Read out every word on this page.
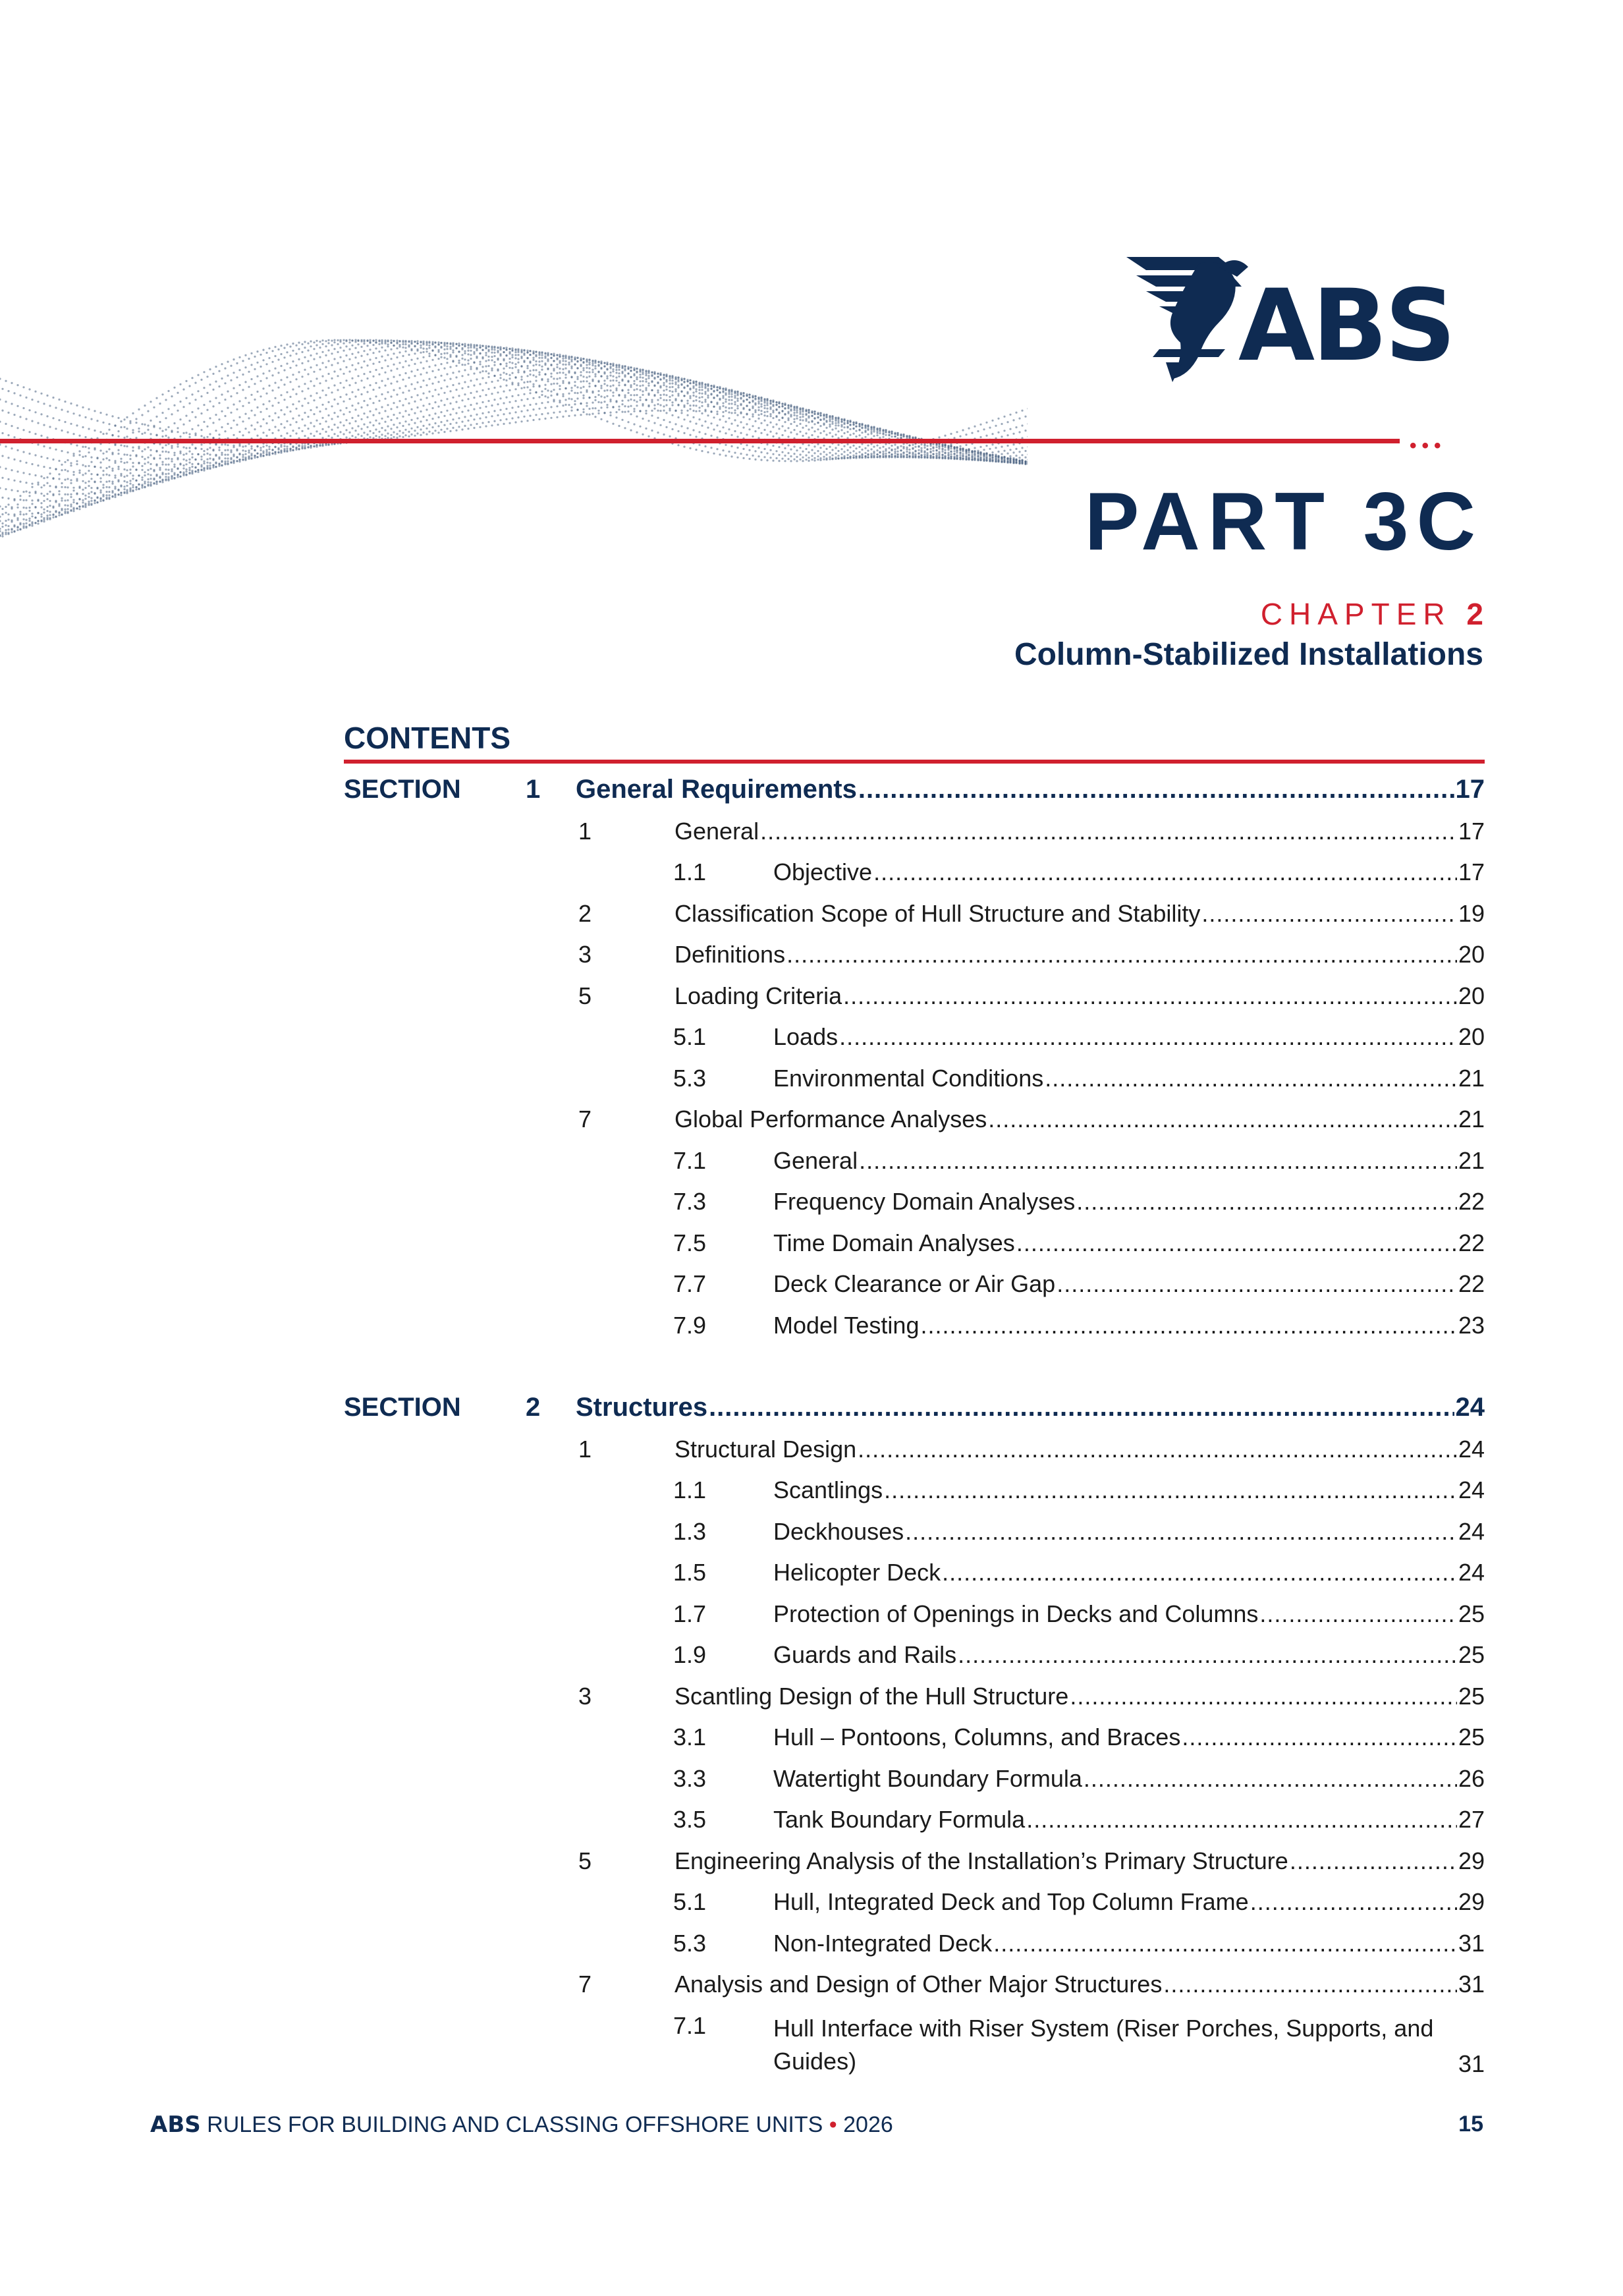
ABS
•••
PART 3C
CHAPTER 2
Column-Stabilized Installations
CONTENTS
SECTION 1 General Requirements .....	17
1	General .....	17
1.1	Objective .....	17
2	Classification Scope of Hull Structure and Stability .....	19
3	Definitions .....	20
5	Loading Criteria .....	20
5.1	Loads .....	20
5.3	Environmental Conditions .....	21
7	Global Performance Analyses .....	21
7.1	General .....	21
7.3	Frequency Domain Analyses .....	22
7.5	Time Domain Analyses .....	22
7.7	Deck Clearance or Air Gap .....	22
7.9	Model Testing .....	23
SECTION 2 Structures .....	24
1	Structural Design .....	24
1.1	Scantlings .....	24
1.3	Deckhouses .....	24
1.5	Helicopter Deck .....	24
1.7	Protection of Openings in Decks and Columns .....	25
1.9	Guards and Rails .....	25
3	Scantling Design of the Hull Structure .....	25
3.1	Hull – Pontoons, Columns, and Braces .....	25
3.3	Watertight Boundary Formula .....	26
3.5	Tank Boundary Formula .....	27
5	Engineering Analysis of the Installation’s Primary Structure .....	29
5.1	Hull, Integrated Deck and Top Column Frame .....	29
5.3	Non-Integrated Deck .....	31
7	Analysis and Design of Other Major Structures .....	31
7.1	Hull Interface with Riser System (Riser Porches, Supports, and Guides)	31
ABS RULES FOR BUILDING AND CLASSING OFFSHORE UNITS • 2026	15
